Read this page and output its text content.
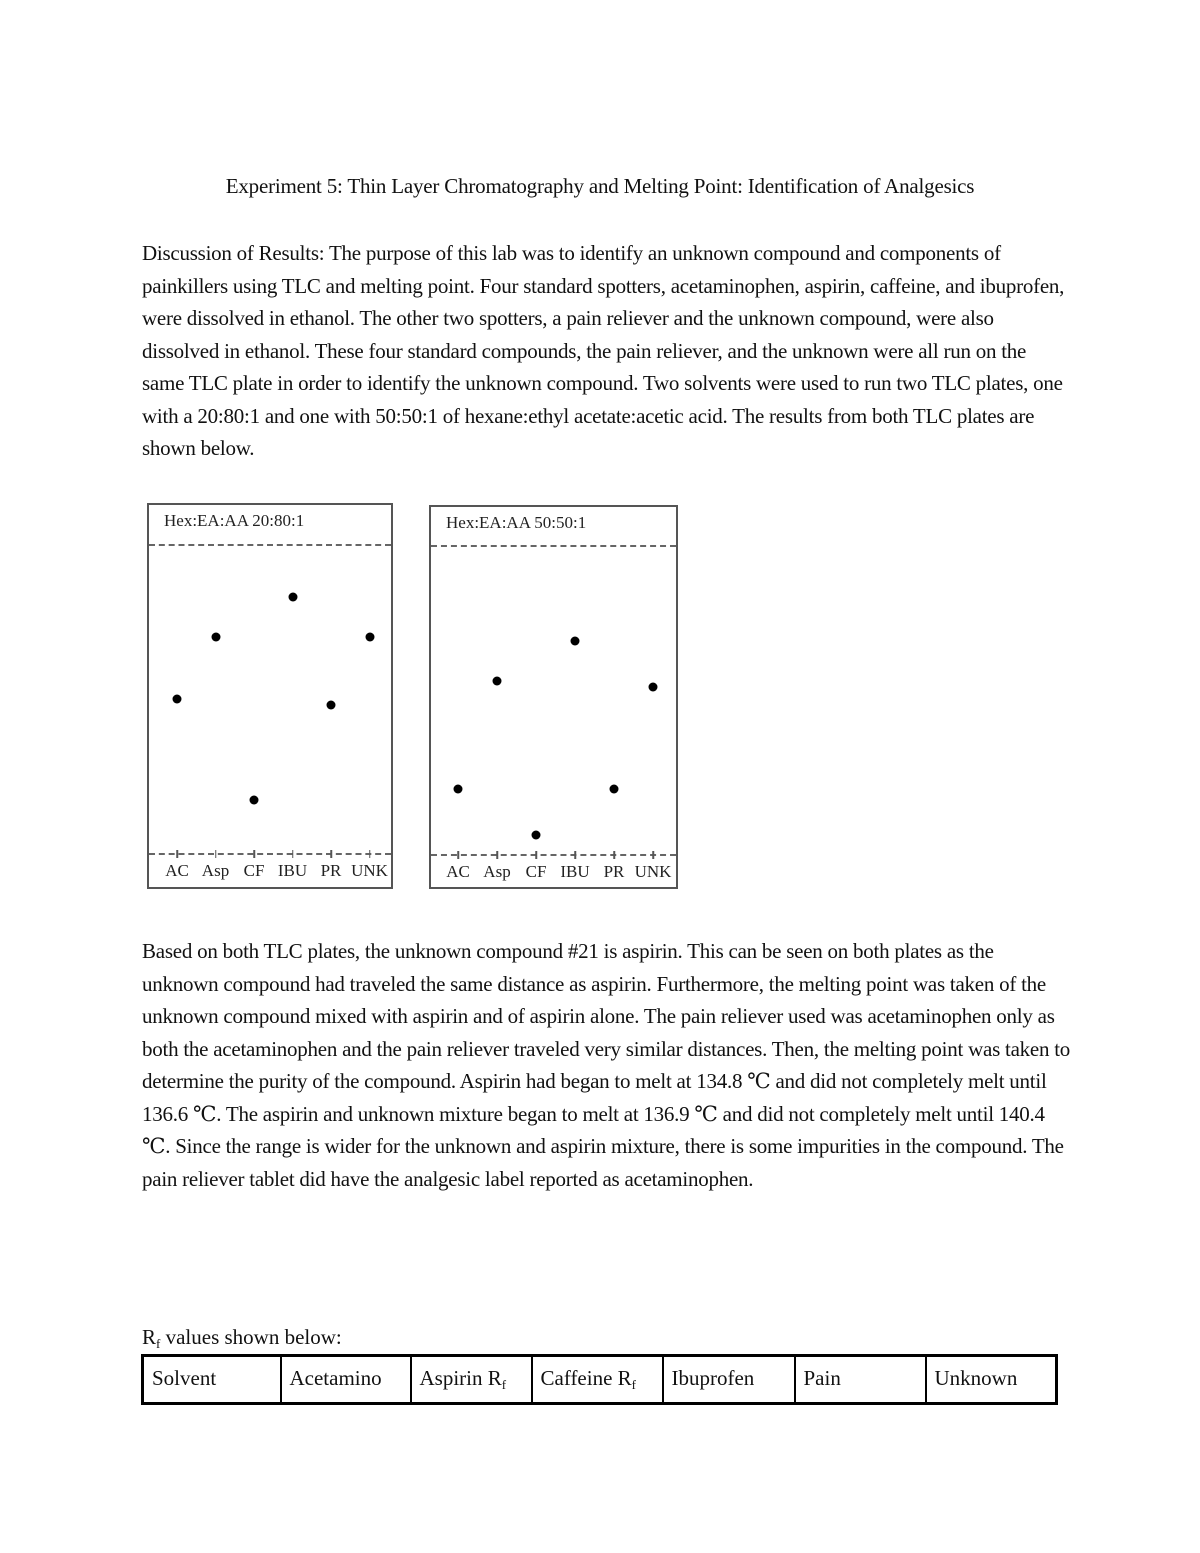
Experiment 5: Thin Layer Chromatography and Melting Point: Identification of Analgesics

Discussion of Results: The purpose of this lab was to identify an unknown compound and components of painkillers using TLC and melting point. Four standard spotters, acetaminophen, aspirin, caffeine, and ibuprofen, were dissolved in ethanol. The other two spotters, a pain reliever and the unknown compound, were also dissolved in ethanol. These four standard compounds, the pain reliever, and the unknown were all run on the same TLC plate in order to identify the unknown compound. Two solvents were used to run two TLC plates, one with a 20:80:1 and one with 50:50:1 of hexane:ethyl acetate:acetic acid. The results from both TLC plates are shown below.

Hex:EA:AA 20:80:1
AC Asp CF IBU PR UNK
Hex:EA:AA 50:50:1
AC Asp CF IBU PR UNK

Based on both TLC plates, the unknown compound #21 is aspirin. This can be seen on both plates as the unknown compound had traveled the same distance as aspirin. Furthermore, the melting point was taken of the unknown compound mixed with aspirin and of aspirin alone. The pain reliever used was acetaminophen only as both the acetaminophen and the pain reliever traveled very similar distances. Then, the melting point was taken to determine the purity of the compound. Aspirin had began to melt at 134.8 ℃ and did not completely melt until 136.6 ℃. The aspirin and unknown mixture began to melt at 136.9 ℃ and did not completely melt until 140.4 ℃. Since the range is wider for the unknown and aspirin mixture, there is some impurities in the compound. The pain reliever tablet did have the analgesic label reported as acetaminophen.

$R_f$ values shown below:
Solvent	Acetamino	Aspirin $R_f$	Caffeine $R_f$	Ibuprofen	Pain	Unknown
